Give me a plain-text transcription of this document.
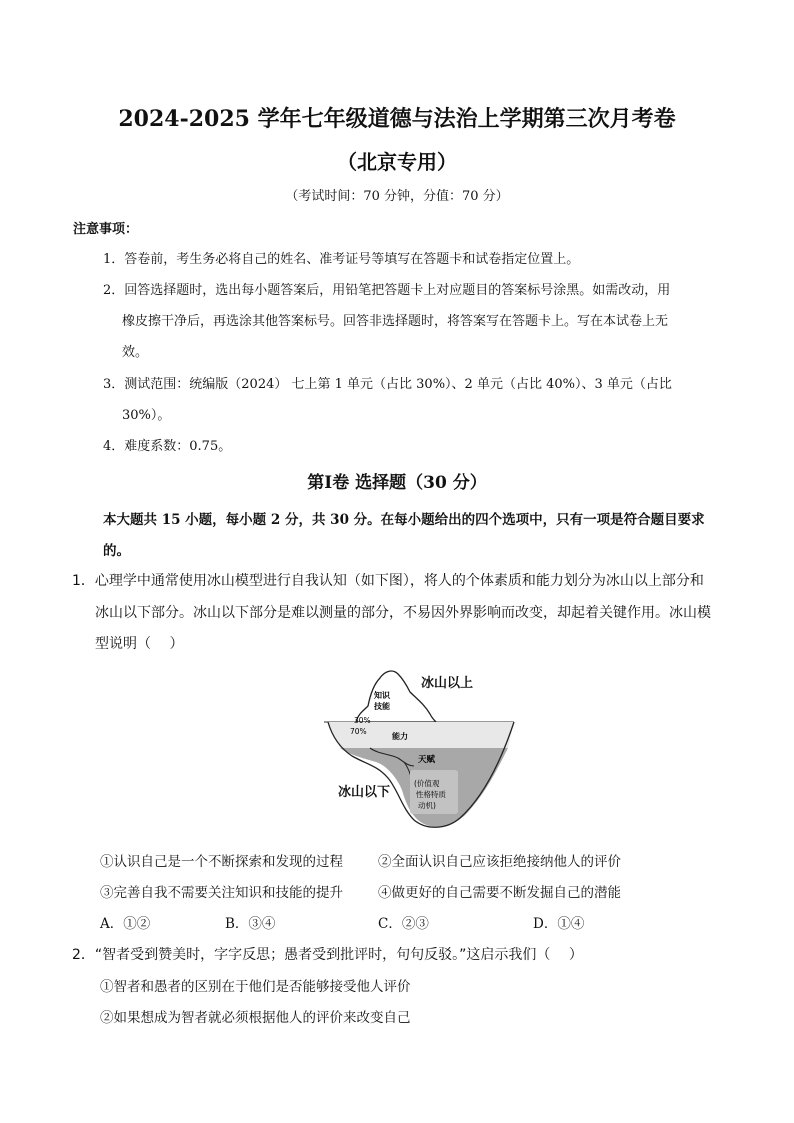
2024-2025 学年七年级道德与法治上学期第三次月考卷
（北京专用）
（考试时间：70 分钟，分值：70 分）
注意事项：
1．答卷前，考生务必将自己的姓名、准考证号等填写在答题卡和试卷指定位置上。
2．回答选择题时，选出每小题答案后，用铅笔把答题卡上对应题目的答案标号涂黑。如需改动，用
橡皮擦干净后，再选涂其他答案标号。回答非选择题时，将答案写在答题卡上。写在本试卷上无
效。
3．测试范围：统编版（2024） 七上第 1 单元（占比 30%）、2 单元（占比 40%）、3 单元（占比
30%）。
4．难度系数：0.75。
第Ⅰ卷 选择题（30 分）
本大题共 15 小题，每小题 2 分，共 30 分。在每小题给出的四个选项中，只有一项是符合题目要求
的。
1．心理学中通常使用冰山模型进行自我认知（如下图），将人的个体素质和能力划分为冰山以上部分和
冰山以下部分。冰山以下部分是难以测量的部分，不易因外界影响而改变，却起着关键作用。冰山模
型说明（　 ）
知识
技能
30%
70%
能力
天赋
(价值观
性格特质
动机)
冰山以上
冰山以下
①认识自己是一个不断探索和发现的过程	②全面认识自己应该拒绝接纳他人的评价
③完善自我不需要关注知识和技能的提升	④做更好的自己需要不断发掘自己的潜能
A．①②	B．③④	C．②③	D．①④
2．“智者受到赞美时，字字反思；愚者受到批评时，句句反驳。”这启示我们（　 ）
①智者和愚者的区别在于他们是否能够接受他人评价
②如果想成为智者就必须根据他人的评价来改变自己
